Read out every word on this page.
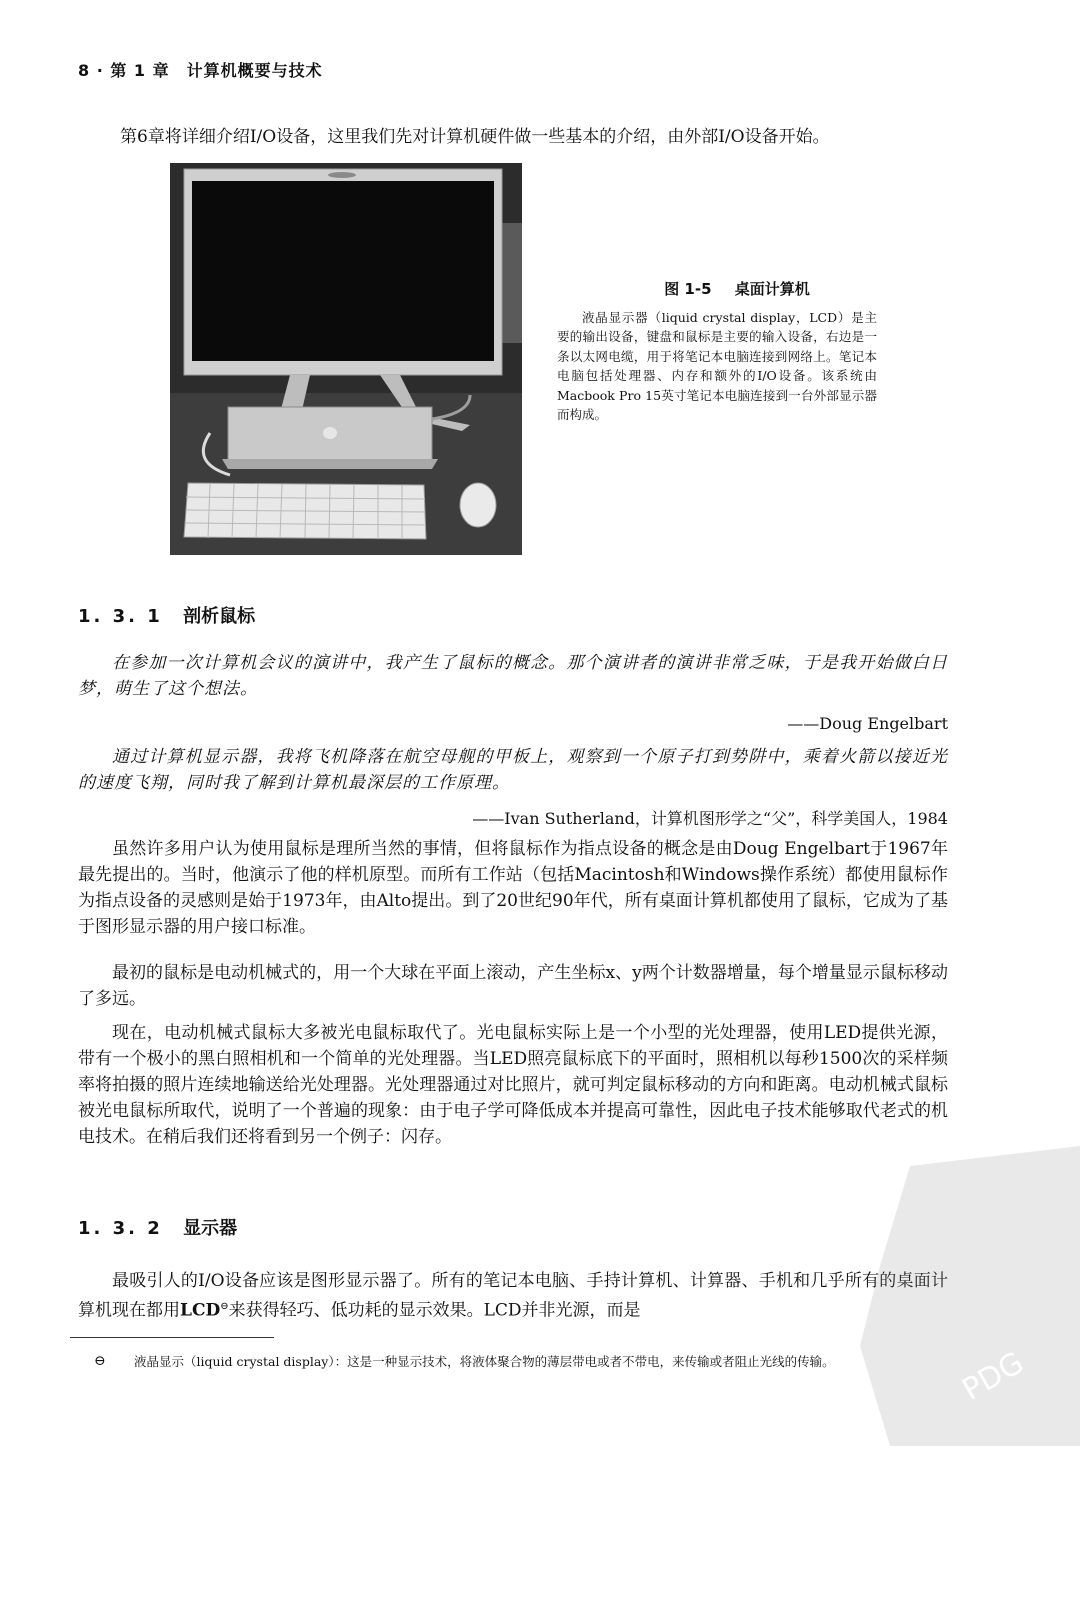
8 · 第 1 章　计算机概要与技术
第6章将详细介绍I/O设备，这里我们先对计算机硬件做一些基本的介绍，由外部I/O设备开始。
图 1-5 桌面计算机
液晶显示器（liquid crystal display，LCD）是主要的输出设备，键盘和鼠标是主要的输入设备，右边是一条以太网电缆，用于将笔记本电脑连接到网络上。笔记本电脑包括处理器、内存和额外的I/O设备。该系统由Macbook Pro 15英寸笔记本电脑连接到一台外部显示器而构成。
1. 3. 1 剖析鼠标
在参加一次计算机会议的演讲中，我产生了鼠标的概念。那个演讲者的演讲非常乏味，于是我开始做白日梦，萌生了这个想法。
——Doug Engelbart
通过计算机显示器，我将飞机降落在航空母舰的甲板上，观察到一个原子打到势阱中，乘着火箭以接近光的速度飞翔，同时我了解到计算机最深层的工作原理。
——Ivan Sutherland，计算机图形学之“父”，科学美国人，1984
虽然许多用户认为使用鼠标是理所当然的事情，但将鼠标作为指点设备的概念是由Doug Engelbart于1967年最先提出的。当时，他演示了他的样机原型。而所有工作站（包括Macintosh和Windows操作系统）都使用鼠标作为指点设备的灵感则是始于1973年，由Alto提出。到了20世纪90年代，所有桌面计算机都使用了鼠标，它成为了基于图形显示器的用户接口标准。
最初的鼠标是电动机械式的，用一个大球在平面上滚动，产生坐标x、y两个计数器增量，每个增量显示鼠标移动了多远。
现在，电动机械式鼠标大多被光电鼠标取代了。光电鼠标实际上是一个小型的光处理器，使用LED提供光源，带有一个极小的黑白照相机和一个简单的光处理器。当LED照亮鼠标底下的平面时，照相机以每秒1500次的采样频率将拍摄的照片连续地输送给光处理器。光处理器通过对比照片，就可判定鼠标移动的方向和距离。电动机械式鼠标被光电鼠标所取代，说明了一个普遍的现象：由于电子学可降低成本并提高可靠性，因此电子技术能够取代老式的机电技术。在稍后我们还将看到另一个例子：闪存。
1. 3. 2 显示器
最吸引人的I/O设备应该是图形显示器了。所有的笔记本电脑、手持计算机、计算器、手机和几乎所有的桌面计算机现在都用LCD⊖来获得轻巧、低功耗的显示效果。LCD并非光源，而是
⊖ 液晶显示（liquid crystal display）：这是一种显示技术，将液体聚合物的薄层带电或者不带电，来传输或者阻止光线的传输。	PDG
